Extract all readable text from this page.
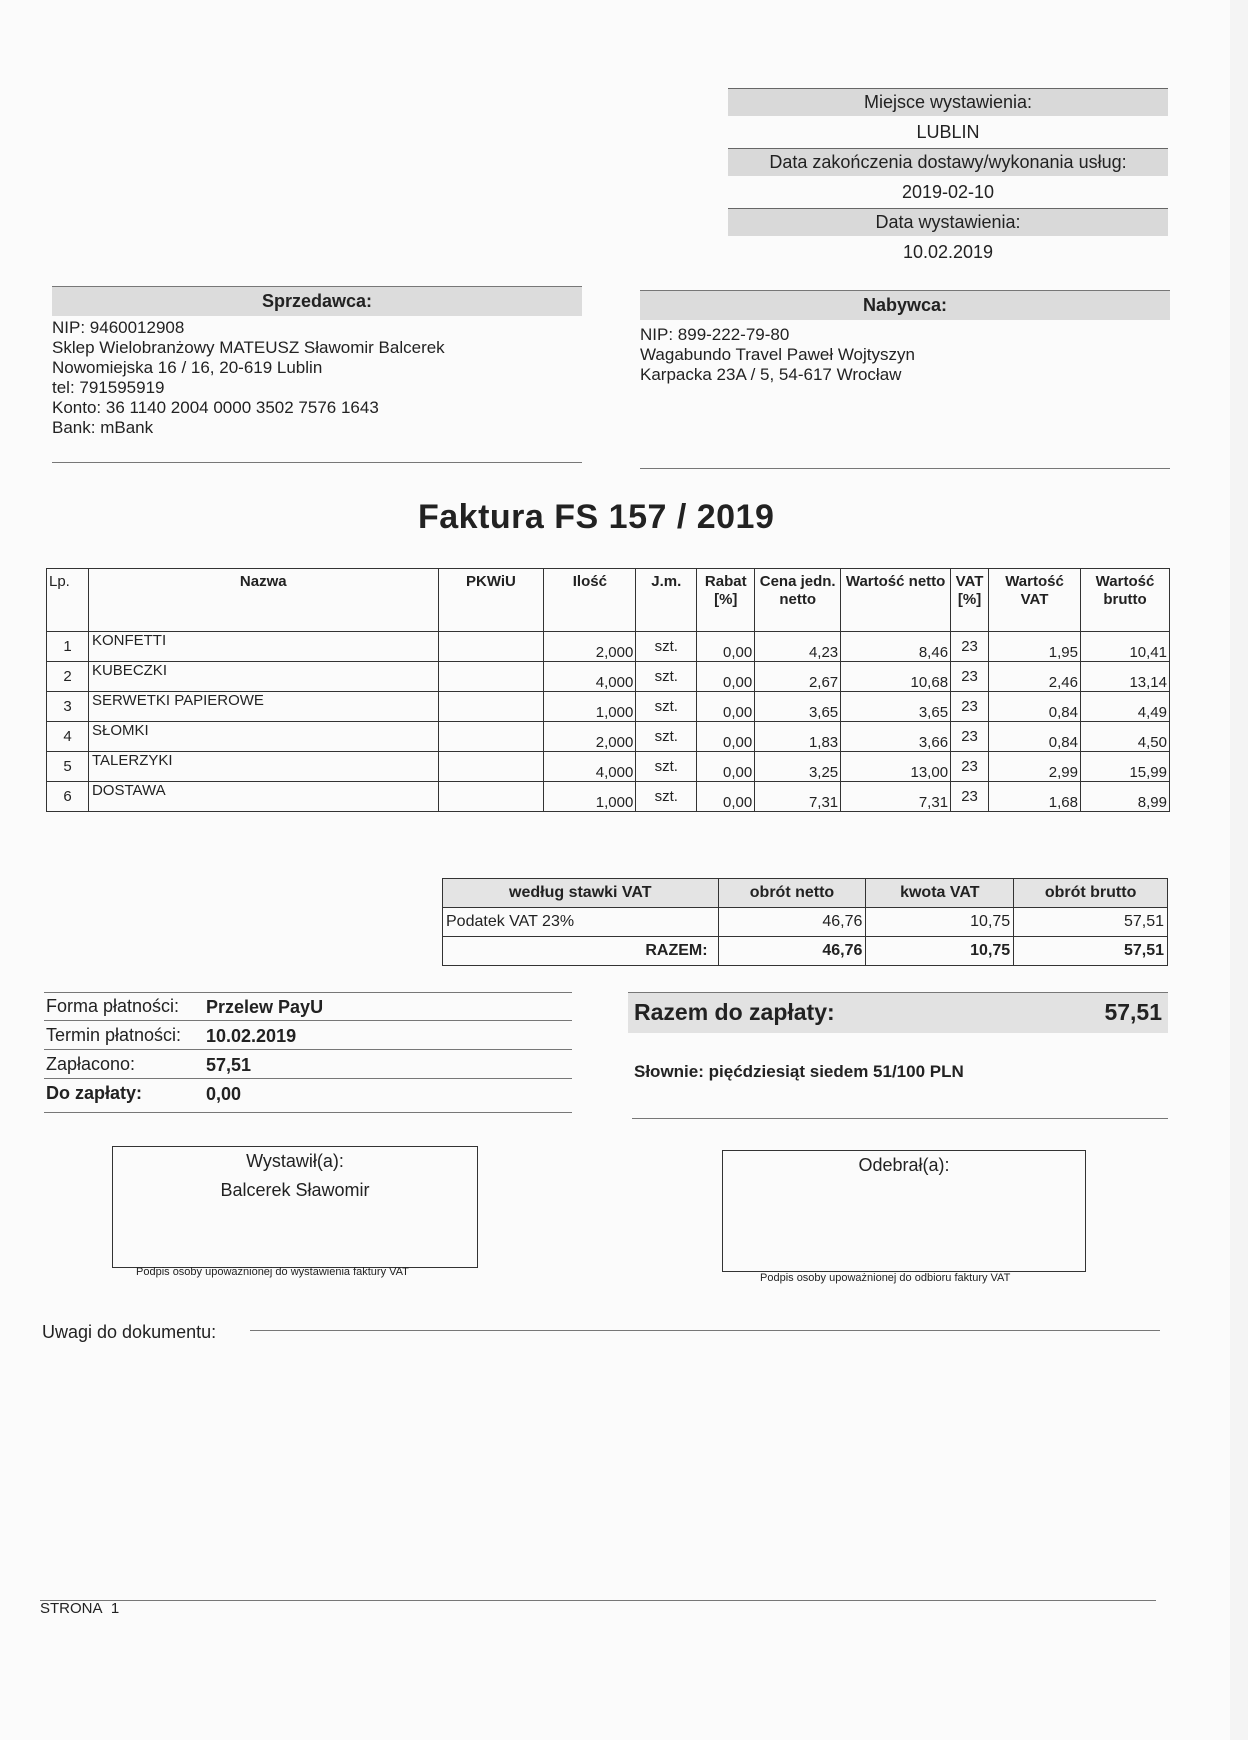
Miejsce wystawienia:
LUBLIN
Data zakończenia dostawy/wykonania usług:
2019-02-10
Data wystawienia:
10.02.2019
Sprzedawca:
NIP: 9460012908
Sklep Wielobranżowy MATEUSZ Sławomir Balcerek
Nowomiejska 16 / 16, 20-619 Lublin
tel: 791595919
Konto: 36 1140 2004 0000 3502 7576 1643
Bank: mBank
Nabywca:
NIP: 899-222-79-80
Wagabundo Travel Paweł Wojtyszyn
Karpacka 23A / 5, 54-617 Wrocław
Faktura FS 157 / 2019
Lp.	Nazwa	PKWiU	Ilość	J.m.	Rabat [%]	Cena jedn. netto	Wartość netto	VAT [%]	Wartość VAT	Wartość brutto
1	KONFETTI		2,000	szt.	0,00	4,23	8,46	23	1,95	10,41
2	KUBECZKI		4,000	szt.	0,00	2,67	10,68	23	2,46	13,14
3	SERWETKI PAPIEROWE		1,000	szt.	0,00	3,65	3,65	23	0,84	4,49
4	SŁOMKI		2,000	szt.	0,00	1,83	3,66	23	0,84	4,50
5	TALERZYKI		4,000	szt.	0,00	3,25	13,00	23	2,99	15,99
6	DOSTAWA		1,000	szt.	0,00	7,31	7,31	23	1,68	8,99
według stawki VAT	obrót netto	kwota VAT	obrót brutto
Podatek VAT 23%	46,76	10,75	57,51
RAZEM:	46,76	10,75	57,51
Forma płatności: Przelew PayU
Termin płatności: 10.02.2019
Zapłacono:	57,51
Do zapłaty:	0,00
Razem do zapłaty:	57,51
Słownie: pięćdziesiąt siedem 51/100 PLN
Wystawił(a):
Balcerek Sławomir
Podpis osoby upoważnionej do wystawienia faktury VAT
Odebrał(a):
Podpis osoby upoważnionej do odbioru faktury VAT
Uwagi do dokumentu:
STRONA 1
